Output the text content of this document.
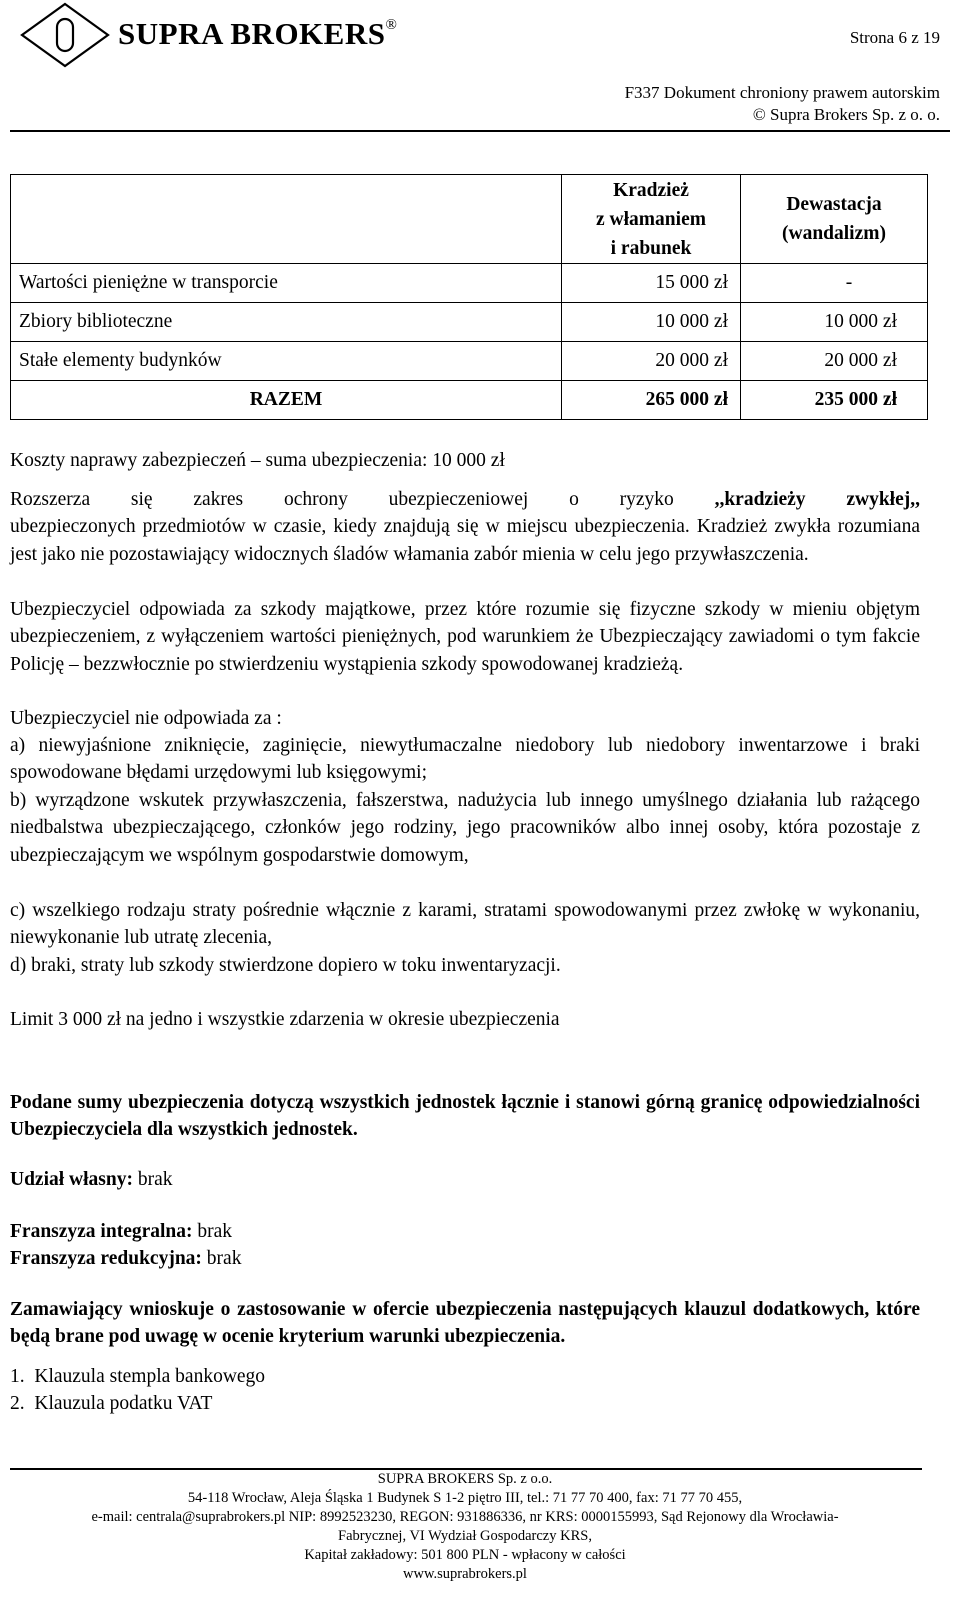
SUPRA BROKERS®
Strona 6 z 19
F337 Dokument chroniony prawem autorskim
© Supra Brokers Sp. z o. o.

	Kradzież
z włamaniem
i rabunek	Dewastacja
(wandalizm)

Wartości pieniężne w transporcie	15 000 zł	-
Zbiory biblioteczne	10 000 zł	10 000 zł
Stałe elementy budynków	20 000 zł	20 000 zł
RAZEM	265 000 zł	235 000 zł
Koszty naprawy zabezpieczeń – suma ubezpieczenia: 10 000 zł
Rozszerza się zakres ochrony ubezpieczeniowej o ryzyko ,,kradzieży zwykłej,,
ubezpieczonych przedmiotów w czasie, kiedy znajdują się w miejscu ubezpieczenia. Kradzież zwykła rozumiana jest jako nie pozostawiający widocznych śladów włamania zabór mienia w celu jego przywłaszczenia.
Ubezpieczyciel odpowiada za szkody majątkowe, przez które rozumie się fizyczne szkody w mieniu objętym ubezpieczeniem, z wyłączeniem wartości pieniężnych, pod warunkiem że Ubezpieczający zawiadomi o tym fakcie Policję – bezzwłocznie po stwierdzeniu wystąpienia szkody spowodowanej kradzieżą.
Ubezpieczyciel nie odpowiada za :
a) niewyjaśnione zniknięcie, zaginięcie, niewytłumaczalne niedobory lub niedobory inwentarzowe i braki spowodowane błędami urzędowymi lub księgowymi;
b) wyrządzone wskutek przywłaszczenia, fałszerstwa, nadużycia lub innego umyślnego działania lub rażącego niedbalstwa ubezpieczającego, członków jego rodziny, jego pracowników albo innej osoby, która pozostaje z ubezpieczającym we wspólnym gospodarstwie domowym,
c) wszelkiego rodzaju straty pośrednie włącznie z karami, stratami spowodowanymi przez zwłokę w wykonaniu, niewykonanie lub utratę zlecenia,
d) braki, straty lub szkody stwierdzone dopiero w toku inwentaryzacji.
Limit 3 000 zł na jedno i wszystkie zdarzenia w okresie ubezpieczenia
Podane sumy ubezpieczenia dotyczą wszystkich jednostek łącznie i stanowi górną granicę odpowiedzialności Ubezpieczyciela dla wszystkich jednostek.
Udział własny: brak
Franszyza integralna: brak
Franszyza redukcyjna: brak
Zamawiający wnioskuje o zastosowanie w ofercie ubezpieczenia następujących klauzul dodatkowych, które będą brane pod uwagę w ocenie kryterium warunki ubezpieczenia.
1.  Klauzula stempla bankowego
2.  Klauzula podatku VAT
SUPRA BROKERS Sp. z o.o.
54-118 Wrocław, Aleja Śląska 1 Budynek S 1-2 piętro III, tel.: 71 77 70 400, fax: 71 77 70 455,
e-mail: centrala@suprabrokers.pl NIP: 8992523230, REGON: 931886336, nr KRS: 0000155993, Sąd Rejonowy dla Wrocławia-
Fabrycznej, VI Wydział Gospodarczy KRS,
Kapitał zakładowy: 501 800 PLN - wpłacony w całości
www.suprabrokers.pl
